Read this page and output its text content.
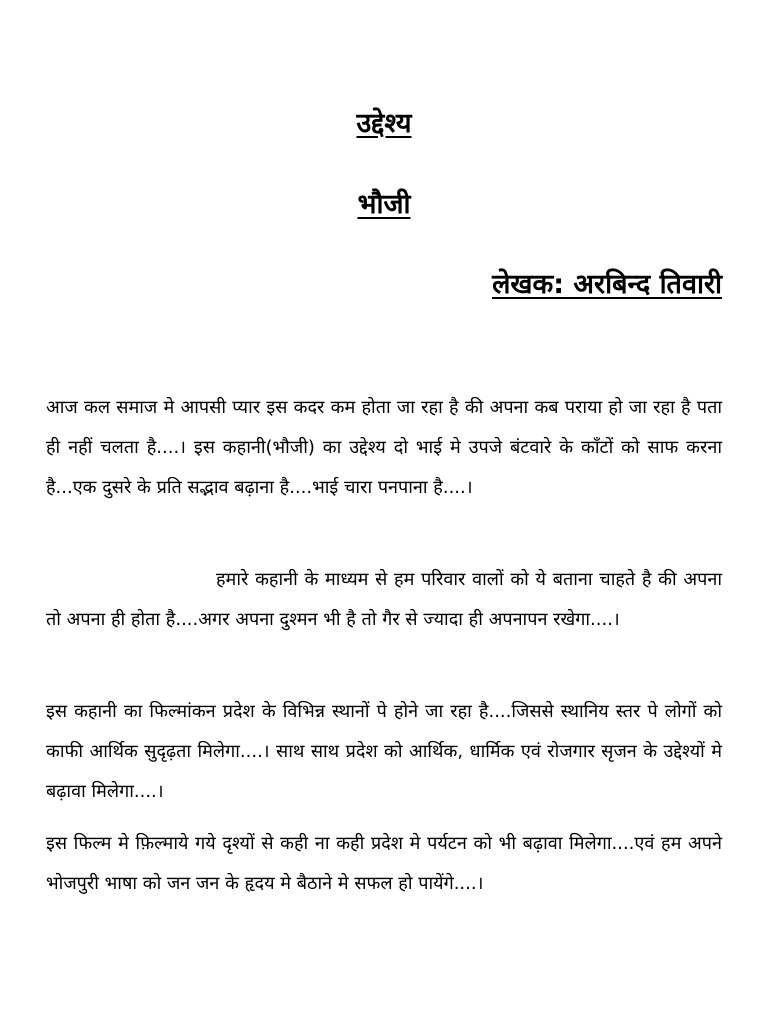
उद्देश्य
भौजी
लेखक: अरबिन्द तिवारी

आज कल समाज मे आपसी प्यार इस कदर कम होता जा रहा है की अपना कब पराया हो जा रहा है पता ही नहीं चलता है....। इस कहानी(भौजी) का उद्देश्य दो भाई मे उपजे बंटवारे के काँटों को साफ करना है...एक दुसरे के प्रति सद्भाव बढ़ाना है....भाई चारा पनपाना है....।

हमारे कहानी के माध्यम से हम परिवार वालों को ये बताना चाहते है की अपना तो अपना ही होता है....अगर अपना दुश्मन भी है तो गैर से ज्यादा ही अपनापन रखेगा....।

इस कहानी का फिल्मांकन प्रदेश के विभिन्न स्थानों पे होने जा रहा है....जिससे स्थानिय स्तर पे लोगों को काफी आर्थिक सुदृढ़ता मिलेगा....। साथ साथ प्रदेश को आर्थिक, धार्मिक एवं रोजगार सृजन के उद्देश्यों मे बढ़ावा मिलेगा....।

इस फिल्म मे फ़िल्माये गये दृश्यों से कही ना कही प्रदेश मे पर्यटन को भी बढ़ावा मिलेगा....एवं हम अपने भोजपुरी भाषा को जन जन के हृदय मे बैठाने मे सफल हो पायेंगे....।
